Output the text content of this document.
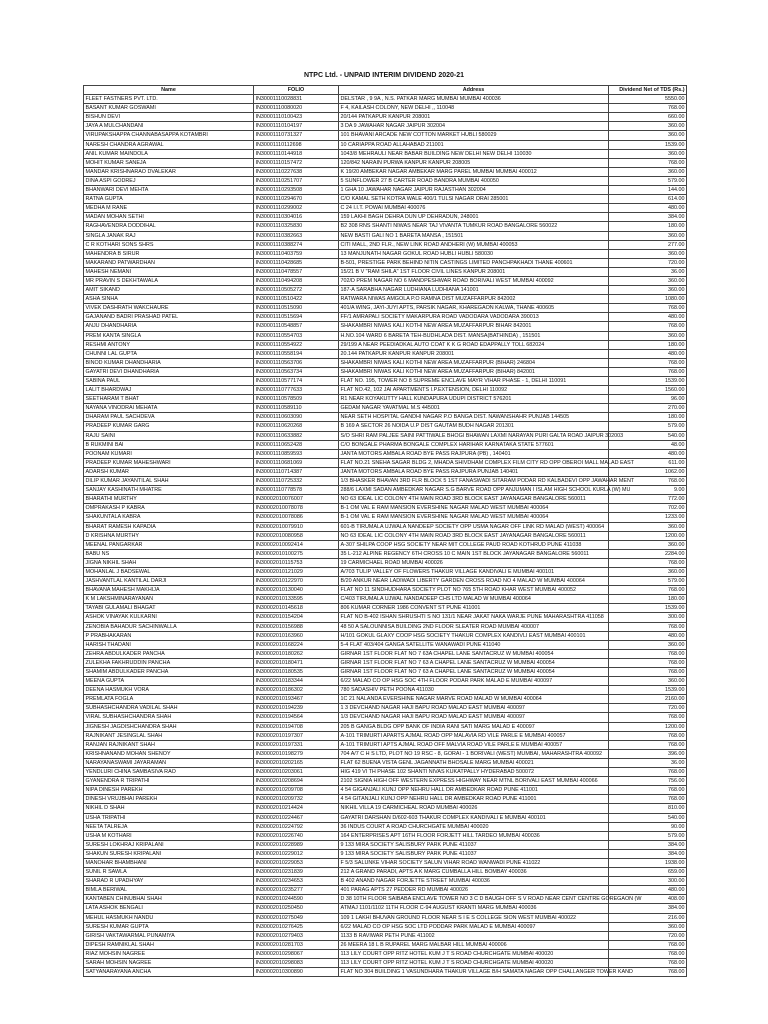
NTPC Ltd. - UNPAID INTERIM DIVIDEND 2020-21
Name	FOLIO	Address	Dividend Net of TDS (Rs.)
FLEET FASTNERS PVT. LTD.	IN30001110028831	DELSTAR , 9 9A , N.S. PATKAR MARG MUMBAI MUMBAI 400036	5550.00
BASANT KUMAR GOSWAMI	IN30001110080020	F 4, KAILASH COLONY, NEW DELHI ,, 110048	768.00
BISHUN DEVI	IN30001110100423	20/144 PATKAPUR KANPUR 208001	660.00
JAYA A MULCHANDANI	IN30001110104197	3 DA 9 JAWAHAR NAGAR JAIPUR 302004	360.00
VIRUPAKSHAPPA CHANNABASAPPA KOTAMBRI	IN30001110731327	101 BHAVANI ARCADE NEW COTTON MARKET HUBLI 580029	360.00
NARESH CHANDRA AGRAWAL	IN30001110112698	10 CARIAPPA ROAD ALLAHABAD 211001	1539.00
ANIL KUMAR MAINDOLA	IN30001110144918	1043/8 MEHRAULI NEAR BABAR BUILDING NEW DELHI NEW DELHI 110030	360.00
MOHIT KUMAR SANEJA	IN30001110157472	120/842 NARAIN PURWA KANPUR KANPUR 208005	768.00
MANDAR KRISHNARAO DVALEKAR	IN30001110227638	K 19/20 AMBEKAR NAGAR AMBEKAR MARG PAREL MUMBAI MUMBAI 400012	360.00
DINA ASPI GODREJ	IN30001110251707	5 SUNFLOWER 27 B CARTER ROAD BANDRA MUMBAI 400050	579.00
BHANWARI DEVI MEHTA	IN30001110293508	1 GHA 10 JAWAHAR NAGAR JAIPUR RAJASTHAN 302004	144.00
RATNA GUPTA	IN30001110294670	C/O KAMAL SETH KOTRA WALE 400/1 TULSI NAGAR ORAI 285001	614.00
MEDHA M RANE	IN30001110299002	C 24 I.I.T. POWAI MUMBAI 400076	480.00
MADAN MOHAN SETHI	IN30001110304016	159 LAKHI BAGH DEHRA DUN UP DEHRADUN, 248001	384.00
RAGHAVENDRA DODDIHAL	IN30001110325830	B2 308 RNS SHANTI NIWAS NEAR TAJ VIVANTA TUMKUR ROAD BANGALORE 560022	180.00
SINGLA JANAK RAJ	IN30001110382663	NEW BASTI GALI NO 1 BARETA MANSA , 151501	360.00
C R KOTHARI SONS SHRS	IN30001110388274	CITI MALL, 2ND FLR., NEW LINK ROAD ANDHERI (W) MUMBAI 400053	277.00
MAHENDRA B SIRUR	IN30001110403759	13 MANJUNATH NAGAR GOKUL ROAD HUBLI HUBLI 580030	360.00
MAKARAND PATWARDHAN	IN30001110428685	B-501, PRESTIGE PARK BEHIND NITIN CASTINGS LIMITED PANCHPAKHADI THANE 400601	720.00
MAHESH NEMANI	IN30001110478557	15/21 B V "RAM SHILA" 1ST FLOOR CIVIL LINES KANPUR 208001	36.00
MR PRAVIN S DEKHTAWALA	IN30001110494208	702/D PREM NAGAR NO 6 MANDPESHWAR ROAD BORIVALI WEST MUMBAI 400092	360.00
AMIT SIKAND	IN30001110505272	187-A SARABHA NAGAR LUDHIANA LUDHIANA 141001	360.00
ASHA SINHA	IN30001110510422	RATWARA NIWAS AMGOLA P.O RAMNA DIST MUZAFFARPUR 842002	1080.00
VIVEK DASHRATH WAKCHAURE	IN30001110515090	401/A WING, JAYI-JUYI APTS, PARSIK NAGAR, KHAREGAON KALWA, THANE 400605	768.00
GAJANAND BADRI PRASHAD PATEL	IN30001110515694	FF/1 AMRAPALI SOCIETY MAKARPURA ROAD VADODARA VADODARA 390013	480.00
ANJU DHANDHARIA	IN30001110548857	SHAKAMBRI NIWAS KALI KOTHI NEW AREA MUZAFFARPUR BIHAR 842001	768.00
PREM KANTA SINGLA	IN30001110554703	H.NO.104 WARD 6 BARETA TEH-BUDHLADA DIST. MANSA(BATHINDA) , 151501	360.00
RESHMI ANTONY	IN30001110554922	29/199 A NEAR PEEDIADKAL AUTO COAT K K G ROAD EDAPPALLY TOLL 682024	180.00
CHUNNI LAL GUPTA	IN30001110558194	20.144 PATKAPUR KANPUR KANPUR 208001	480.00
BINOD KUMAR DHANDHARIA	IN30001110563706	SHAKAMBRI NIWAS KALI KOTHI NEW AREA MUZAFFARPUR (BIHAR) 246804	768.00
GAYATRI DEVI DHANDHARIA	IN30001110563734	SHAKAMBRI NIWAS KALI KOTHI NEW AREA MUZAFFARPUR (BIHAR) 842001	768.00
SABINA PAUL	IN30001110577174	FLAT NO. 195, TOWER NO 8 SUPREME ENCLAVE MAYR VIHAR PHASE - 1, DELHI 110091	1539.00
LALIT BHARDWAJ	IN30001110777633	FLAT NO.42, 102 JAI APARTMENTS I.P.EXTENSION, DELHI 110092	1560.00
SEETHARAM T BHAT	IN30001110578509	R1 NEAR KOYAKUTTY HALL KUNDAPURA UDUPI DISTRICT 576201	96.00
NAYANA VINODRAI MEHATA	IN30001110589110	GEDAM NAGAR YAVATMAL M.S 445001	270.00
DHARAM PAUL SACHDEVA	IN30001110603090	NEAR SETH HOSPITAL GANDHI NAGAR P.O BANGA DIST. NAWANSHAHR PUNJAB 144505	180.00
PRADEEP KUMAR GARG	IN30001110620268	B 169 A SECTOR 26 NOIDA U.P DIST GAUTAM BUDH NAGAR 201301	579.00
RAJU SAINI	IN30001110633882	S/O SHRI RAM PALJEE SAINI PATTIWALE BHOGI BHAWAN LAXMI NARAYAN PURI GALTA ROAD JAIPUR 302003	540.00
B RUKMINI BAI	IN30001110652428	C/O BONGALE PHARMA BONGALE COMPLEX HARIHAR KARNATAKA STATE 577601	48.00
POONAM KUMARI	IN30001110859593	JANTA MOTORS AMBALA ROAD BYE PASS RAJPURA (PB) , 140401	480.00
PRADEEP KUMAR MAHESHWARI	IN30001110681069	FLAT NO.21 SNEHA SAGAR BLDG 2, MHADA SHIVDHAM COMPLEX FILM CITY RD OPP OBEROI MALL MALAD EAST	611.00
ADARSH KUMAR	IN30001110714387	JANTA MOTORS AMBALA ROAD BYE PASS RAJPURA PUNJAB 140401	1062.00
DILIP KUMAR JAYANTILAL SHAH	IN30001110725332	1/3 BHASKER BHAVAN 3RD FLR BLOCK 5 1ST FANASWADI SITARAM PODAR RD KALBADEVI OPP JAWAHAR MENT	768.00
SANJAY KASHINATH MHATRE	IN30001110778578	288/6 LAXMI SADAN AMBEDKAR NAGAR S.G BARVE ROAD OPP ANJUMAN I ISLAM HIGH SCHOOL KURLA (W) MU	9.00
BHARATHI MURTHY	IN30002010076007	NO 63 IDEAL LIC COLONY 4TH MAIN ROAD 3RD BLOCK EAST JAYANAGAR BANGALORE 560011	772.00
OMPRAKASH P KABRA	IN30002010078078	B-1 OM VAL E RAM MANSION EVERSHINE NAGAR MALAD WEST MUMBAI 400064	702.00
SHAKUNTALA KABRA	IN30002010078086	B-1 OM VAL E RAM MANSION EVERSHINE NAGAR MALAD WEST MUMBAI 400064	1233.00
BHARAT RAMESH KAPADIA	IN30002010079910	601-B TIRUMALA UJWALA NANDEEP SOCIETY OPP USMA NAGAR OFF LINK RD MALAD (WEST) 400064	360.00
D KRISHNA MURTHY	IN30002010080958	NO 63 IDEAL LIC COLONY 4TH MAIN ROAD 3RD BLOCK EAST JAYANAGAR BANGALORE 560011	1200.00
MEENAL PANGARKAR	IN30002010092414	A-307 SHILPA COOP HSG SOCIETY NEAR MIT COLLEGE PAUD ROAD KOTHRUD PUNE 411038	360.00
BABU NS	IN30002010100275	35 L-212 ALPINE REGENCY 6TH CROSS 10 C MAIN 1ST BLOCK JAYANAGAR BANGALORE 560011	2284.00
JIGNA NIKHIL SHAH	IN30002010115753	19 CARMICHAEL ROAD MUMBAI 400026	768.00
MOHANLAL J BADSEWAL	IN30002010121029	A/703 TULIP VALLEY OF FLOWERS THAKUR VILLAGE KANDIVALI E MUMBAI 400101	360.00
JASHVANTLAL KANTILAL DARJI	IN30002010122970	B/20 ANKUR NEAR LADIWADI LIBERTY GARDEN CROSS ROAD NO 4 MALAD W MUMBAI 400064	579.00
BHAVANA MAHESH MAKHIJA	IN30002010130040	FLAT NO 11 SINDHUDHARA SOCIETY PLOT NO 765 5TH ROAD KHAR WEST MUMBAI 400052	768.00
K M LAKSHMINARAYANAN	IN30002010133595	C/403 TIRUMALA UJWAL NANDADEEP CHS LTD MALAD W MUMBAI 400064	180.00
TAYABI GULAMALI BHAGAT	IN30002010145618	806 KUMAR CORNER 1986 CONVENT ST PUNE 411001	1539.00
ASHOK VINAYAK KULKARNI	IN30002010154204	FLAT NO B-402 ISHAN SHRUSHTI S NO 131/1 NEAR JAKAT NAKA WARJE PUNE MAHARASHTRA 411058	300.00
ZENOBIA BAHADUR SACHINWALLA	IN30002010156988	48 50 A SALOUNNISA BUILDING 2ND FLOOR SLEATER ROAD MUMBAI 400007	768.00
P PRABHAKARAN	IN30002010163960	H/101 GOKUL GLAXY COOP HSG SOCIETY THAKUR COMPLEX KANDIVLI EAST MUMBAI 400101	480.00
HARISH THADANI	IN30002010168224	5-4 FLAT 403/404 GANGA SATELLITE WANAWADI PUNE 411040	360.00
ZEHRA ABDULKADER PANCHA	IN30002010180262	GIRNAR 1ST FLOOR FLAT NO 7 63A CHAPEL LANE SANTACRUZ W MUMBAI 400054	768.00
ZULEKHA FAKHRUDDIN PANCHA	IN30002010180471	GIRNAR 1ST FLOOR FLAT NO 7 63 A CHAPEL LANE SANTACRUZ W MUMBAI 400054	768.00
SHAMIM ABDULKADER PANCHA	IN30002010180535	GIRNAR 1ST FLOOR FLAT NO 7 63 A CHAPEL LANE SANTACRUZ W MUMBAI 400054	768.00
MEENA GUPTA	IN30002010183344	6/22 MALAD CO OP HSG SOC 4TH FLOOR PODAR PARK MALAD E MUMBAI 400097	360.00
DEENA HASMUKH VORA	IN30002010186302	780 SADASHIV PETH POONA 411030	1539.00
PREMLATA FOGLA	IN30002010193467	1C 21 NALANDA EVERSHINE NAGAR MARVE ROAD MALAD W MUMBAI 400064	2160.00
SUBHASHCHANDRA VADILAL SHAH	IN30002010194239	1 3 DEVCHAND NAGAR HAJI BAPU ROAD MALAD EAST MUMBAI 400097	720.00
VIRAL SUBHASHCHANDRA SHAH	IN30002010194564	1/3 DEVCHAND NAGAR HAJI BAPU ROAD MALAD EAST MUMBAI 400097	768.00
JIGNESH JAGDISHCHANDRA SHAH	IN30002010194708	205 B GANGA BLDG OPP BANK OF INDIA RANI SATI MARG MALAD E 400097	1200.00
RAJNIKANT JESINGLAL SHAH	IN30002010197307	A-101 TRIMURTI APARTS AJMAL ROAD OPP MALAVIA RD VILE PARLE E MUMBAI 400057	768.00
RANJAN RAJNIKANT SHAH	IN30002010197331	A-101 TRIMURTI APTS AJMAL ROAD OFF MALVIA ROAD VILE PARLE E MUMBAI 400057	768.00
KRISHNANAND MOHAN SHENOY	IN30002010198279	704 A/7 C H S LTD, PLOT NO 19 RSC - 8, GORAI - 1 BORIVALI (WEST) MUMBAI, MAHARASHTRA 400092	396.00
NARAYANASWAMI JAYARAMAN	IN30002010202165	FLAT 62 BUENA VISTA GENL JAGANNATH BHOSALE MARG MUMBAI 400021	36.00
YENDLURI CHINA SAMBASIVA RAO	IN30002010203061	HIG 419 VI TH PHASE 102 SHANTI NIVAS KUKATPALLY HYDERABAD 500072	768.00
GYANENDRA R TRIPATHI	IN30002010208694	2102 SIGNIA HIGH OFF WESTERN EXPRESS HIGHWAY NEAR MTNL BORIVALI EAST MUMBAI 400066	756.00
NIPA DINESH PAREKH	IN30002010209708	4 54 GIGANJALI KUNJ OPP NEHRU HALL DR AMBEDKAR ROAD PUNE 411001	768.00
DINESH VRUJBHAI PAREKH	IN30002010209732	4 54 GITANJALI KUNJ OPP NEHRU HALL DR AMBEDKAR ROAD PUNE 411001	768.00
NIKHIL D SHAH	IN30002010214424	NIKHIL VILLA 19 CARMICHEAL ROAD MUMBAI 400026	810.00
USHA TRIPATHI	IN30002010224467	GAYATRI DARSHAN D/602-603 THAKUR COMPLEX KANDIVALI E MUMBAI 400101	540.00
NEETA TALREJA	IN30002010224792	36 INDUS COURT A ROAD CHURCHGATE MUMBAI 400020	90.00
USHA M KOTHARI	IN30002010226740	164 ENTERPRISES APT 16TH FLOOR FORJETT HILL TARDEO MUMBAI 400036	579.00
SURESH LOKHRAJ KRIPALANI	IN30002010228989	9 133 MIRA SOCIETY SALISBURY PARK PUNE 411037	384.00
SHAKUN SURESH KRIPALANI	IN30002010229012	9 133 MIRA SOCIETY SALISBURY PARK PUNE 411037	384.00
MANOHAR BHAMBHANI	IN30002010229053	F 5/3 SALUNKE VIHAR SOCIETY SALUN VIHAR ROAD WANWADI PUNE 411022	1938.00
SUNIL R SAWLA	IN30002010231839	212 A GRAND PARADI, APTS A K MARG CUMBALLA HILL BOMBAY 400036	659.00
SHARAD R UPADHYAY	IN30002010234653	B 402 ANAND NAGAR FORJETTE STREET MUMBAI 400036	300.00
BIMLA BERIWAL	IN30002010235277	401 PARAG APTS 27 PEDDER RD MUMBAI 400026	480.00
KANTABEN CHINUBHAI SHAH	IN30002010244590	D 38 10TH FLOOR SAIBABA ENCLAVE TOWER NO 3 C D BAUGH OFF S V ROAD NEAR CENT CENTRE GOREGAON (W	408.00
LATA ASHOK BENGALI	IN30002010250450	ATMAJ 1101/1102 11TH FLOOR C-94 AUGUST KRANTI MARG MUMBAI 400036	384.00
MEHUL HASMUKH NANDU	IN30002010275049	109 1 LAKHI BHUVAN GROUND FLOOR NEAR S I E S COLLEGE SION WEST MUMBAI 400022	216.00
SURESH KUMAR GUPTA	IN30002010276425	6/22 MALAD CO OP HSG SOC LTD PODDAR PARK MALAD E MUMBAI 400097	360.00
GIRISH VAKTAWARMAL PUNAMIYA	IN30002010279403	1133 B RAVIWAR PETH PUNE 411002	720.00
DIPESH RAMNIKLAL SHAH	IN30002010281703	26 MEERA 18 L B RUPAREL MARG MALBAR HILL MUMBAI 400006	768.00
RIAZ MOHSIN NAGREE	IN30002010298067	113 LILY COURT OPP RITZ HOTEL KUM J T S ROAD CHURCHGATE MUMBAI 400020	768.00
SARAH MOHSIN NAGREE	IN30002010298083	113 LILY COURT OPP RITZ HOTEL KUM J T S ROAD CHURCHGATE MUMBAI 400020	768.00
SATYANARAYANA ANCHA	IN30002010300890	FLAT NO 304 BUILDING 1 VASUNDHARA THAKUR VILLAGE B/H SAMATA NAGAR OPP CHALLANGER TOWER KAND	768.00
